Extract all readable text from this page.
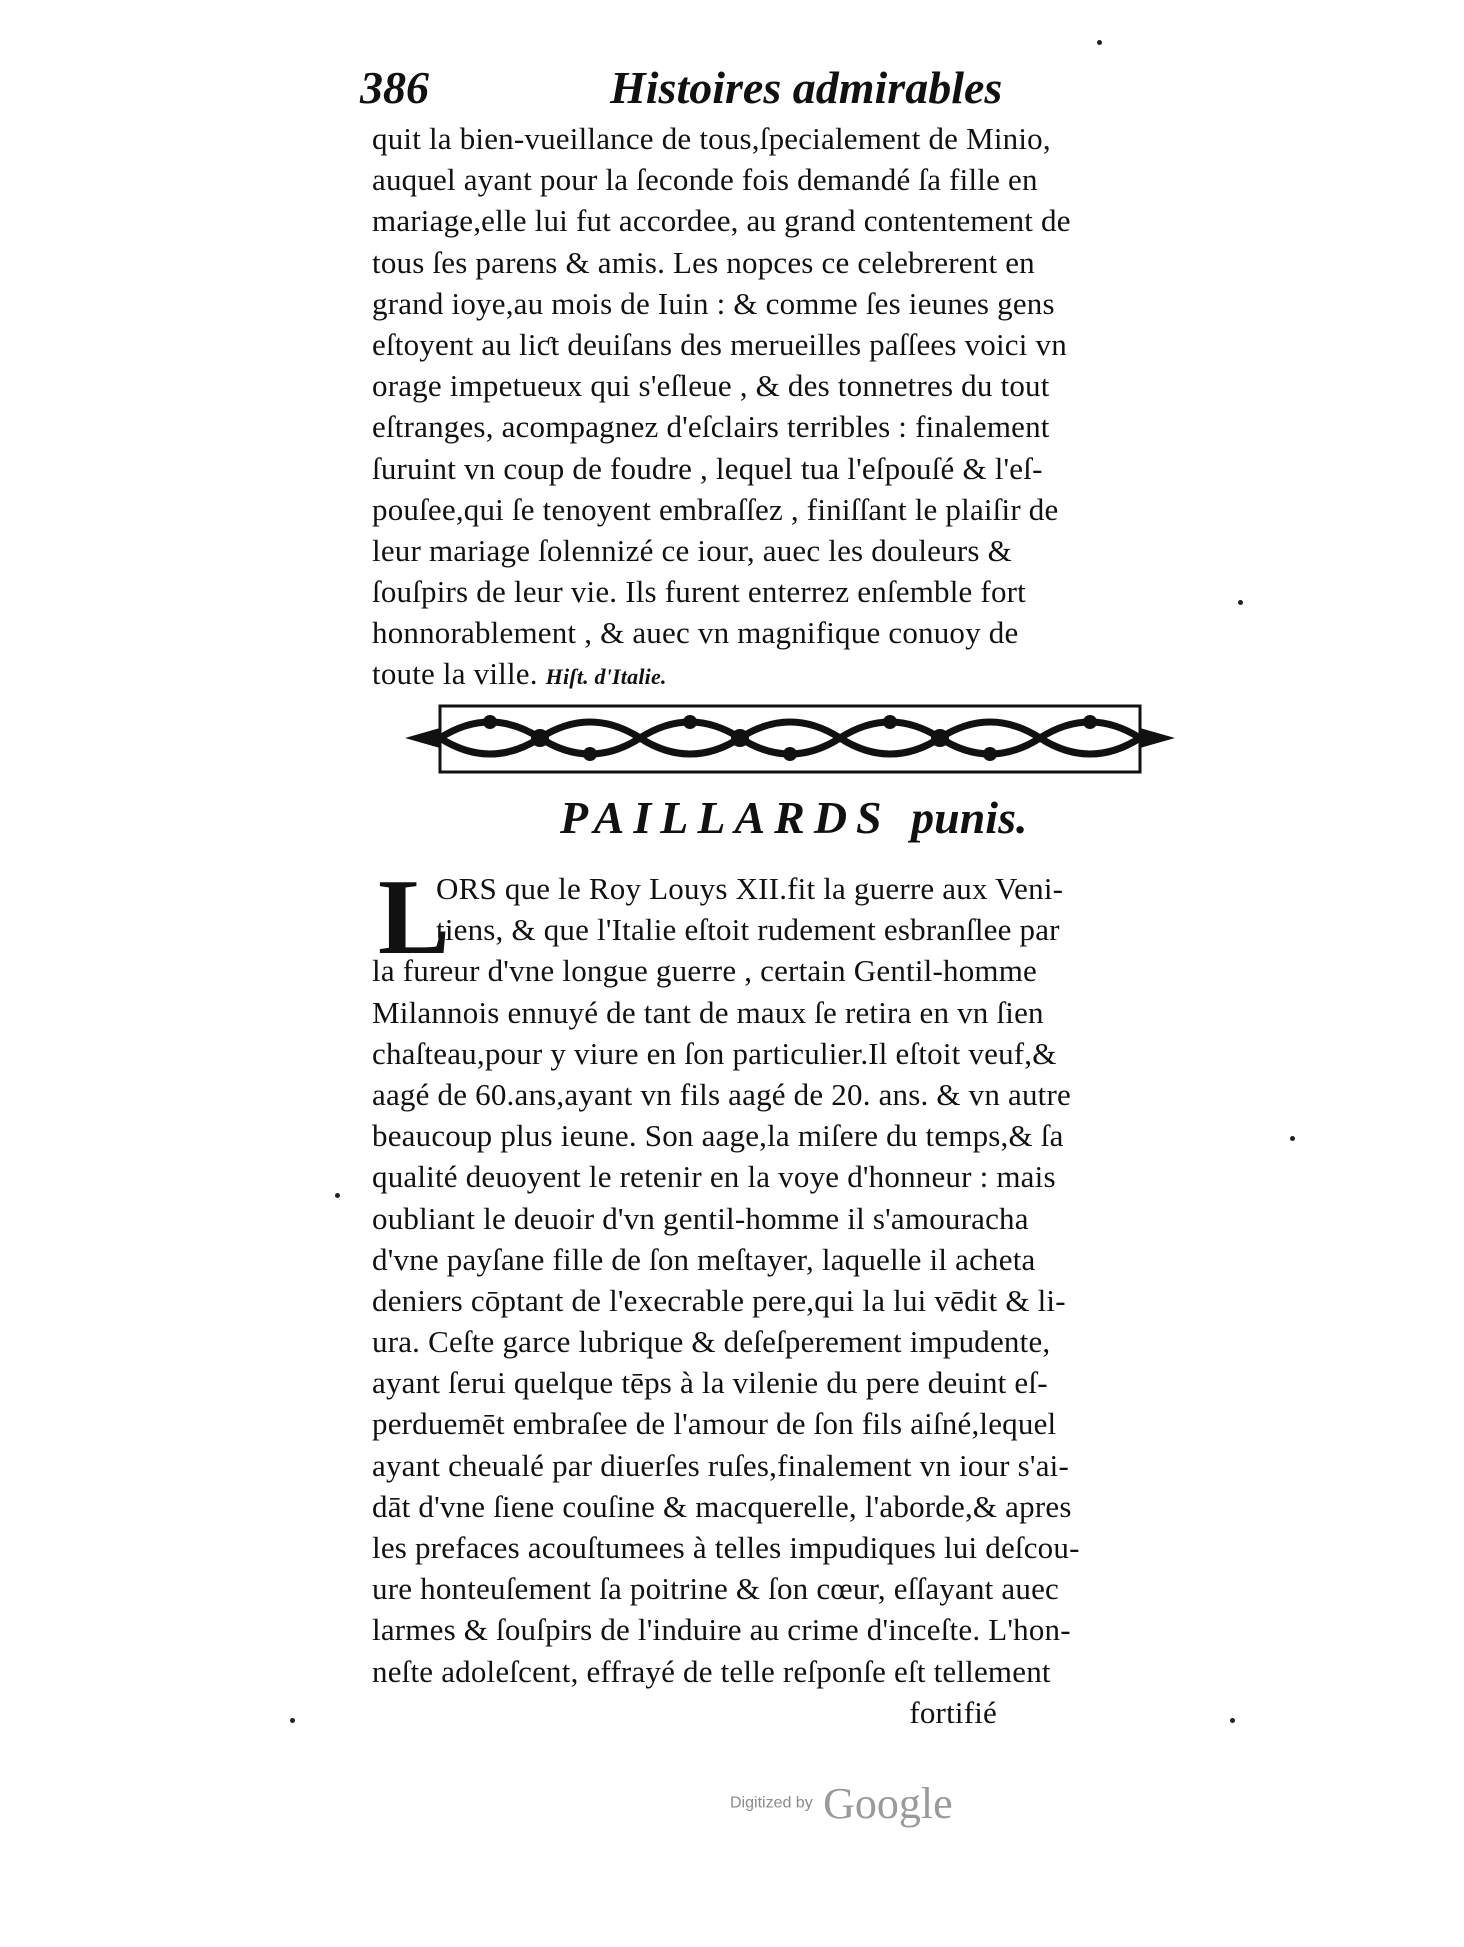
386	Histoires admirables
quit la bien-vueillance de tous,ſpecialement de Minio,
auquel ayant pour la ſeconde fois demandé ſa fille en
mariage,elle lui fut accordee, au grand contentement de
tous ſes parens & amis. Les nopces ce celebrerent en
grand ioye,au mois de Iuin : & comme ſes ieunes gens
eſtoyent au liƈt deuiſans des merueilles paſſees voici vn
orage impetueux qui s'eſleue , & des tonnetres du tout
eſtranges, acompagnez d'eſclairs terribles : finalement
ſuruint vn coup de foudre , lequel tua l'eſpouſé & l'eſ-
pouſee,qui ſe tenoyent embraſſez , finiſſant le plaiſir de
leur mariage ſolennizé ce iour, auec les douleurs &
ſouſpirs de leur vie. Ils furent enterrez enſemble fort
honnorablement , & auec vn magnifique conuoy de
toute la ville. Hiſt. d'Italie.
PAILLARDS punis.
L
ORS que le Roy Louys XII.fit la guerre aux Veni-
tiens, & que l'Italie eſtoit rudement esbranſlee par
la fureur d'vne longue guerre , certain Gentil-homme
Milannois ennuyé de tant de maux ſe retira en vn ſien
chaſteau,pour y viure en ſon particulier.Il eſtoit veuf,&
aagé de 60.ans,ayant vn fils aagé de 20. ans. & vn autre
beaucoup plus ieune. Son aage,la miſere du temps,& ſa
qualité deuoyent le retenir en la voye d'honneur : mais
oubliant le deuoir d'vn gentil-homme il s'amouracha
d'vne payſane fille de ſon meſtayer, laquelle il acheta
deniers cōptant de l'execrable pere,qui la lui vēdit & li-
ura. Ceſte garce lubrique & deſeſperement impudente,
ayant ſerui quelque tēps à la vilenie du pere deuint eſ-
perduemēt embraſee de l'amour de ſon fils aiſné,lequel
ayant cheualé par diuerſes ruſes,finalement vn iour s'ai-
dāt d'vne ſiene couſine & macquerelle, l'aborde,& apres
les prefaces acouſtumees à telles impudiques lui deſcou-
ure honteuſement ſa poitrine & ſon cœur, eſſayant auec
larmes & ſouſpirs de l'induire au crime d'inceſte. L'hon-
neſte adoleſcent, effrayé de telle reſponſe eſt tellement
fortifié
Digitized by Google
